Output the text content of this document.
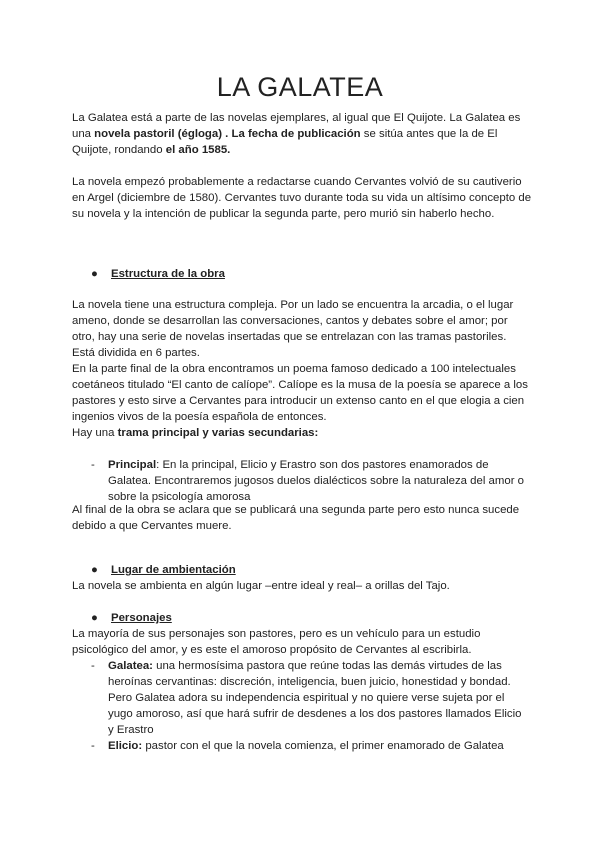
LA GALATEA

La Galatea está a parte de las novelas ejemplares, al igual que El Quijote. La Galatea es una novela pastoril (égloga) . La fecha de publicación se sitúa antes que la de El Quijote, rondando el año 1585.

La novela empezó probablemente a redactarse cuando Cervantes volvió de su cautiverio en Argel (diciembre de 1580). Cervantes tuvo durante toda su vida un altísimo concepto de su novela y la intención de publicar la segunda parte, pero murió sin haberlo hecho.

● Estructura de la obra

La novela tiene una estructura compleja. Por un lado se encuentra la arcadia, o el lugar ameno, donde se desarrollan las conversaciones, cantos y debates sobre el amor; por otro, hay una serie de novelas insertadas que se entrelazan con las tramas pastoriles. Está dividida en 6 partes.

En la parte final de la obra encontramos un poema famoso dedicado a 100 intelectuales coetáneos titulado “El canto de calíope”. Calíope es la musa de la poesía se aparece a los pastores y esto sirve a Cervantes para introducir un extenso canto en el que elogia a cien ingenios vivos de la poesía española de entonces.

Hay una trama principal y varias secundarias:

- Principal: En la principal, Elicio y Erastro son dos pastores enamorados de Galatea. Encontraremos jugosos duelos dialécticos sobre la naturaleza del amor o sobre la psicología amorosa

Al final de la obra se aclara que se publicará una segunda parte pero esto nunca sucede debido a que Cervantes muere.

● Lugar de ambientación

La novela se ambienta en algún lugar –entre ideal y real– a orillas del Tajo.

● Personajes

La mayoría de sus personajes son pastores, pero es un vehículo para un estudio psicológico del amor, y es este el amoroso propósito de Cervantes al escribirla.

- Galatea: una hermosísima pastora que reúne todas las demás virtudes de las heroínas cervantinas: discreción, inteligencia, buen juicio, honestidad y bondad. Pero Galatea adora su independencia espiritual y no quiere verse sujeta por el yugo amoroso, así que hará sufrir de desdenes a los dos pastores llamados Elicio y Erastro
- Elicio: pastor con el que la novela comienza, el primer enamorado de Galatea
